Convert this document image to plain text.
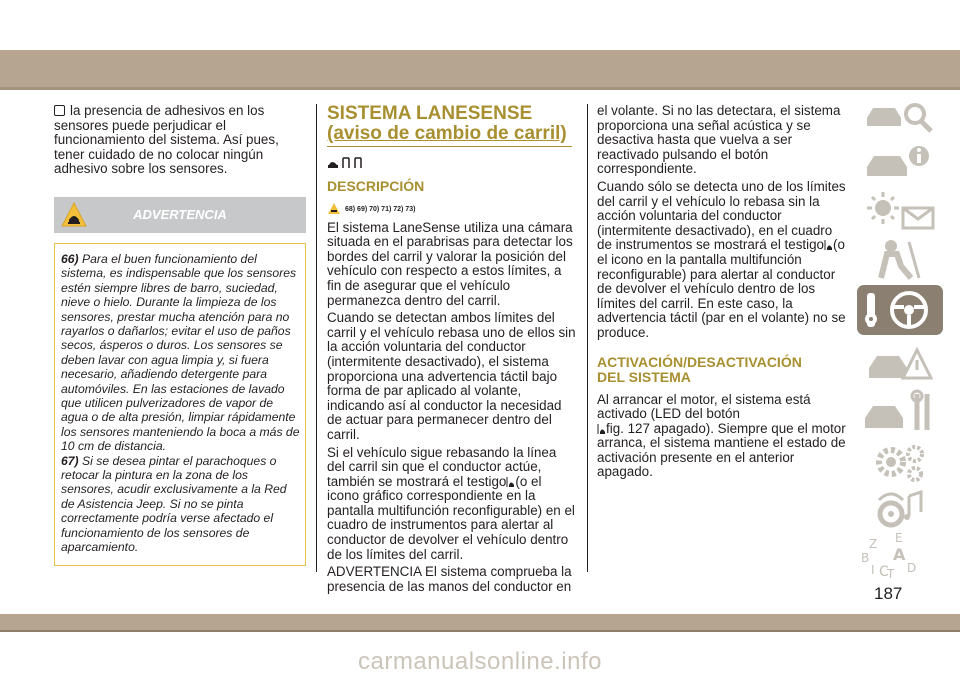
la presencia de adhesivos en los sensores puede perjudicar el funcionamiento del sistema. Así pues, tener cuidado de no colocar ningún adhesivo sobre los sensores.

ADVERTENCIA

66) Para el buen funcionamiento del sistema, es indispensable que los sensores estén siempre libres de barro, suciedad, nieve o hielo. Durante la limpieza de los sensores, prestar mucha atención para no rayarlos o dañarlos; evitar el uso de paños secos, ásperos o duros. Los sensores se deben lavar con agua limpia y, si fuera necesario, añadiendo detergente para automóviles. En las estaciones de lavado que utilicen pulverizadores de vapor de agua o de alta presión, limpiar rápidamente los sensores manteniendo la boca a más de 10 cm de distancia.

67) Si se desea pintar el parachoques o retocar la pintura en la zona de los sensores, acudir exclusivamente a la Red de Asistencia Jeep. Si no se pinta correctamente podría verse afectado el funcionamiento de los sensores de aparcamiento.

SISTEMA LANESENSE
(aviso de cambio de carril)
DESCRIPCIÓN

68) 69) 70) 71) 72) 73)

El sistema LaneSense utiliza una cámara situada en el parabrisas para detectar los bordes del carril y valorar la posición del vehículo con respecto a estos límites, a fin de asegurar que el vehículo permanezca dentro del carril.

Cuando se detectan ambos límites del carril y el vehículo rebasa uno de ellos sin la acción voluntaria del conductor (intermitente desactivado), el sistema proporciona una advertencia táctil bajo forma de par aplicado al volante, indicando así al conductor la necesidad de actuar para permanecer dentro del carril.

Si el vehículo sigue rebasando la línea del carril sin que el conductor actúe, también se mostrará el testigo (o el icono gráfico correspondiente en la pantalla multifunción reconfigurable) en el cuadro de instrumentos para alertar al conductor de devolver el vehículo dentro de los límites del carril.

ADVERTENCIA El sistema comprueba la presencia de las manos del conductor en

el volante. Si no las detectara, el sistema proporciona una señal acústica y se desactiva hasta que vuelva a ser reactivado pulsando el botón correspondiente.

Cuando sólo se detecta uno de los límites del carril y el vehículo lo rebasa sin la acción voluntaria del conductor (intermitente desactivado), en el cuadro de instrumentos se mostrará el testigo (o el icono en la pantalla multifunción reconfigurable) para alertar al conductor de devolver el vehículo dentro de los límites del carril. En este caso, la advertencia táctil (par en el volante) no se produce.

ACTIVACIÓN/DESACTIVACIÓN
DEL SISTEMA

Al arrancar el motor, el sistema está activado (LED del botón
fig. 127 apagado). Siempre que el motor arranca, el sistema mantiene el estado de activación presente en el anterior apagado.

Z E
B A
I C
T D
187
carmanualsonline.info
